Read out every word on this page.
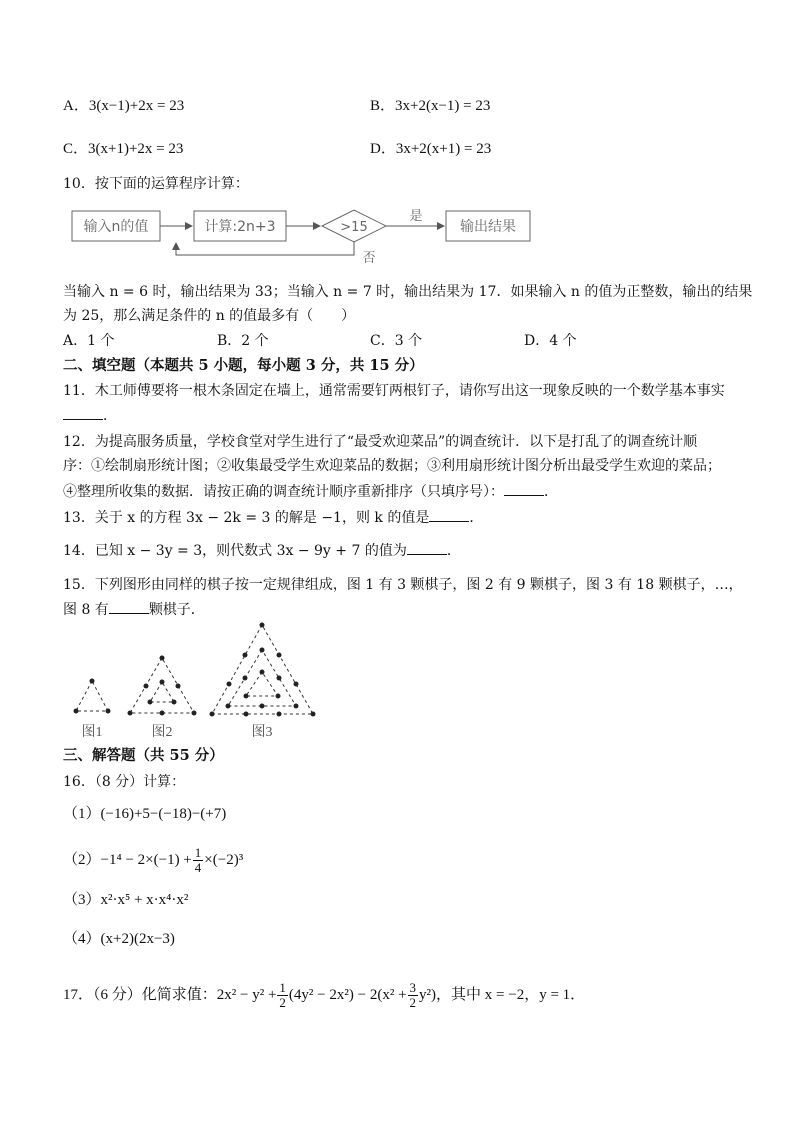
A．3(x−1)+2x = 23	B．3x+2(x−1) = 23
C．3(x+1)+2x = 23	D．3x+2(x+1) = 23
10．按下面的运算程序计算：
输入n的值	计算:2n+3	>15
是
输出结果
否
当输入 n = 6 时，输出结果为 33；当输入 n = 7 时，输出结果为 17．如果输入 n 的值为正整数，输出的结果
为 25，那么满足条件的 n 的值最多有（　　）
A．1 个	B．2 个	C．3 个	D．4 个
二、填空题（本题共 5 小题，每小题 3 分，共 15 分）
11．木工师傅要将一根木条固定在墙上，通常需要钉两根钉子，请你写出这一现象反映的一个数学基本事实
．
12．为提高服务质量，学校食堂对学生进行了“最受欢迎菜品”的调查统计．以下是打乱了的调查统计顺
序：①绘制扇形统计图；②收集最受学生欢迎菜品的数据；③利用扇形统计图分析出最受学生欢迎的菜品；
④整理所收集的数据．请按正确的调查统计顺序重新排序（只填序号）：	．
13．关于 x 的方程 3x − 2k = 3 的解是 −1，则 k 的值是	．
14．已知 x − 3y = 3，则代数式 3x − 9y + 7 的值为	．
15．下列图形由同样的棋子按一定规律组成，图 1 有 3 颗棋子，图 2 有 9 颗棋子，图 3 有 18 颗棋子，…，
图 8 有	颗棋子．
图1	图2	图3
三、解答题（共 55 分）
16．（8 分）计算：
（1）(−16)+5−(−18)−(+7)
$(2)-1^4 - 2\times(-1) + \frac{1}{4} \times(-2)^3$
（3）x²·x⁵ + x·x⁴·x²
（4）(x+2)(2x−3)
17．（6 分）化简求值：$2x^2 - y^2 + \frac{1}{2} (4y^2 - 2x^2) - 2(x^2 + \frac{3}{2} y^2)$，其中 x = −2，y = 1．
